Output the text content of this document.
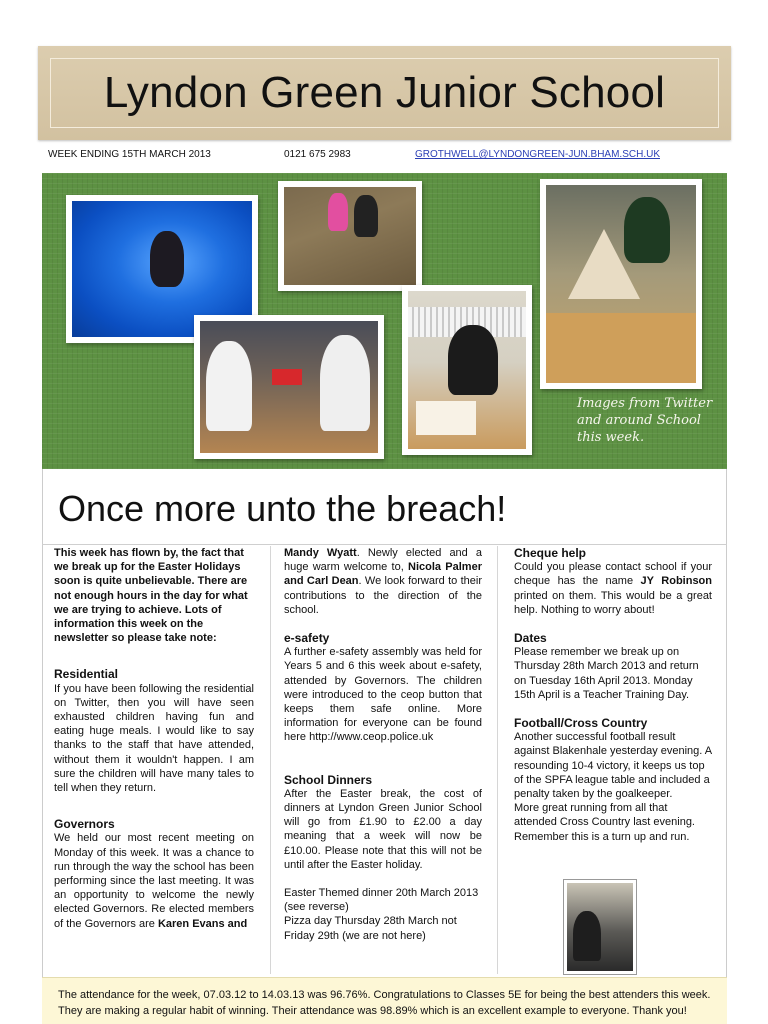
Lyndon Green Junior School
WEEK ENDING 15TH MARCH 2013	0121 675 2983	GROTHWELL@LYNDONGREEN-JUN.BHAM.SCH.UK
Images from Twitter and around School this week.
Once more unto the breach!

This week has flown by, the fact that we break up for the Easter Holidays soon is quite unbelievable. There are not enough hours in the day for what we are trying to achieve. Lots of information this week on the newsletter so please take note:

Residential

If you have been following the residential on Twitter, then you will have seen exhausted children having fun and eating huge meals. I would like to say thanks to the staff that have attended, without them it wouldn't happen. I am sure the children will have many tales to tell when they return.

Governors

We held our most recent meeting on Monday of this week. It was a chance to run through the way the school has been performing since the last meeting. It was an opportunity to welcome the newly elected Governors. Re elected members of the Governors are Karen Evans and

Mandy Wyatt. Newly elected and a huge warm welcome to, Nicola Palmer and Carl Dean. We look forward to their contributions to the direction of the school.

e-safety

A further e-safety assembly was held for Years 5 and 6 this week about e-safety, attended by Governors. The children were introduced to the ceop button that keeps them safe online. More information for everyone can be found here http://www.ceop.police.uk

School Dinners

After the Easter break, the cost of dinners at Lyndon Green Junior School will go from £1.90 to £2.00 a day meaning that a week will now be £10.00. Please note that this will not be until after the Easter holiday.

Easter Themed dinner 20th March 2013 (see reverse)

Pizza day Thursday 28th March not Friday 29th (we are not here)

Cheque help

Could you please contact school if your cheque has the name JY Robinson printed on them. This would be a great help. Nothing to worry about!

Dates

Please remember we break up on Thursday 28th March 2013 and return on Tuesday 16th April 2013. Monday 15th April is a Teacher Training Day.

Football/Cross Country

Another successful football result against Blakenhale yesterday evening. A resounding 10-4 victory, it keeps us top of the SPFA league table and included a penalty taken by the goalkeeper.

More great running from all that attended Cross Country last evening. Remember this is a turn up and run.

The attendance for the week, 07.03.12 to 14.03.13 was 96.76%. Congratulations to Classes 5E for being the best attenders this week. They are making a regular habit of winning. Their attendance was 98.89% which is an excellent example to everyone. Thank you!
